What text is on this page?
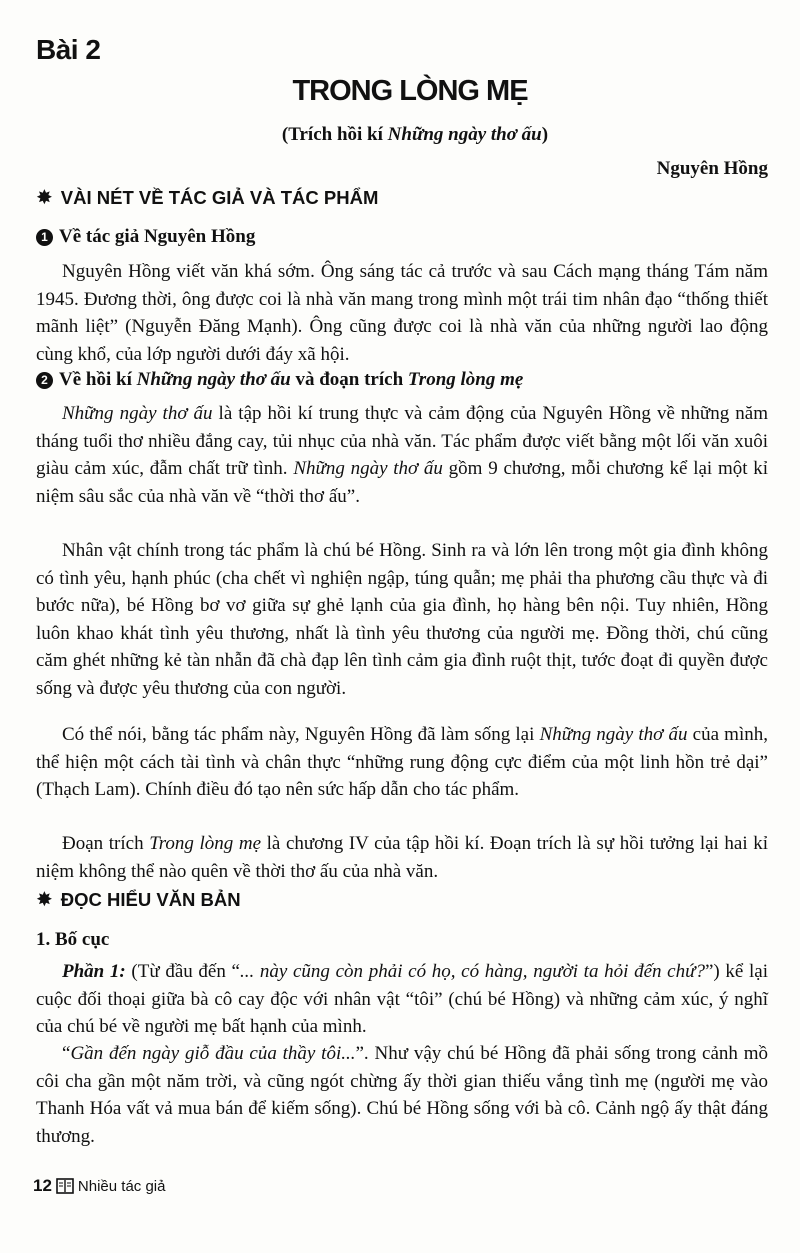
Bài 2
TRONG LÒNG MẸ
(Trích hồi kí Những ngày thơ ấu)
Nguyên Hồng
✸ VÀI NÉT VỀ TÁC GIẢ VÀ TÁC PHẨM
1 Về tác giả Nguyên Hồng

Nguyên Hồng viết văn khá sớm. Ông sáng tác cả trước và sau Cách mạng tháng Tám năm 1945. Đương thời, ông được coi là nhà văn mang trong mình một trái tim nhân đạo “thống thiết mãnh liệt” (Nguyễn Đăng Mạnh). Ông cũng được coi là nhà văn của những người lao động cùng khổ, của lớp người dưới đáy xã hội.

2 Về hồi kí
Những ngày thơ ấu
và đoạn trích
Trong lòng mẹ

Những ngày thơ ấu là tập hồi kí trung thực và cảm động của Nguyên Hồng về những năm tháng tuổi thơ nhiều đắng cay, tủi nhục của nhà văn. Tác phẩm được viết bằng một lối văn xuôi giàu cảm xúc, đẫm chất trữ tình. Những ngày thơ ấu gồm 9 chương, mỗi chương kể lại một kỉ niệm sâu sắc của nhà văn về “thời thơ ấu”.

Nhân vật chính trong tác phẩm là chú bé Hồng. Sinh ra và lớn lên trong một gia đình không có tình yêu, hạnh phúc (cha chết vì nghiện ngập, túng quẫn; mẹ phải tha phương cầu thực và đi bước nữa), bé Hồng bơ vơ giữa sự ghẻ lạnh của gia đình, họ hàng bên nội. Tuy nhiên, Hồng luôn khao khát tình yêu thương, nhất là tình yêu thương của người mẹ. Đồng thời, chú cũng căm ghét những kẻ tàn nhẫn đã chà đạp lên tình cảm gia đình ruột thịt, tước đoạt đi quyền được sống và được yêu thương của con người.

Có thể nói, bằng tác phẩm này, Nguyên Hồng đã làm sống lại Những ngày thơ ấu của mình, thể hiện một cách tài tình và chân thực “những rung động cực điểm của một linh hồn trẻ dại” (Thạch Lam). Chính điều đó tạo nên sức hấp dẫn cho tác phẩm.

Đoạn trích Trong lòng mẹ là chương IV của tập hồi kí. Đoạn trích là sự hồi tưởng lại hai kỉ niệm không thể nào quên về thời thơ ấu của nhà văn.

✸ ĐỌC HIỂU VĂN BẢN
1. Bố cục

Phần 1: (Từ đầu đến “... này cũng còn phải có họ, có hàng, người ta hỏi đến chứ?”) kể lại cuộc đối thoại giữa bà cô cay độc với nhân vật “tôi” (chú bé Hồng) và những cảm xúc, ý nghĩ của chú bé về người mẹ bất hạnh của mình.

“Gần đến ngày giỗ đầu của thầy tôi...”. Như vậy chú bé Hồng đã phải sống trong cảnh mồ côi cha gần một năm trời, và cũng ngót chừng ấy thời gian thiếu vắng tình mẹ (người mẹ vào Thanh Hóa vất vả mua bán để kiếm sống). Chú bé Hồng sống với bà cô. Cảnh ngộ ấy thật đáng thương.

12 Nhiều tác giả
